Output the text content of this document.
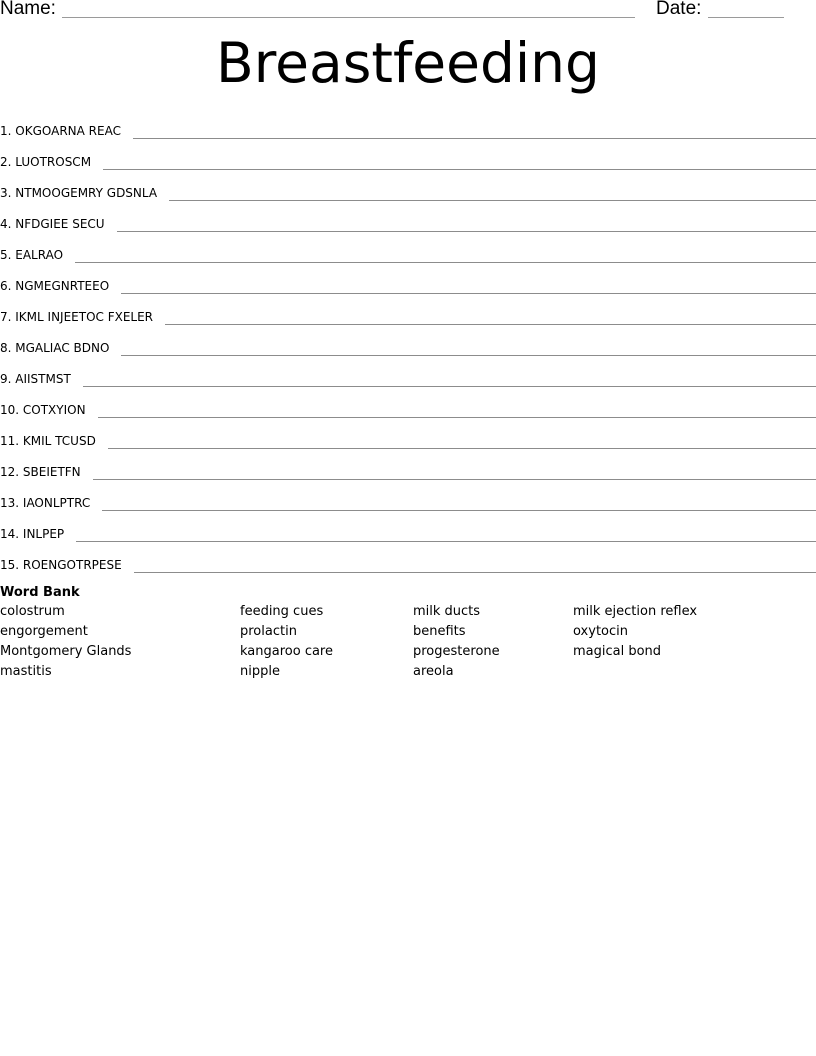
Name:	Date:
Breastfeeding
1. OKGOARNA REAC
2. LUOTROSCM
3. NTMOOGEMRY GDSNLA
4. NFDGIEE SECU
5. EALRAO
6. NGMEGNRTEEO
7. IKML INJEETOC FXELER
8. MGALIAC BDNO
9. AIISTMST
10. COTXYION
11. KMIL TCUSD
12. SBEIETFN
13. IAONLPTRC
14. INLPEP
15. ROENGOTRPESE
Word Bank
colostrum	feeding cues	milk ducts	milk ejection reflex
engorgement	prolactin	benefits	oxytocin
Montgomery Glands	kangaroo care	progesterone	magical bond
mastitis	nipple	areola
